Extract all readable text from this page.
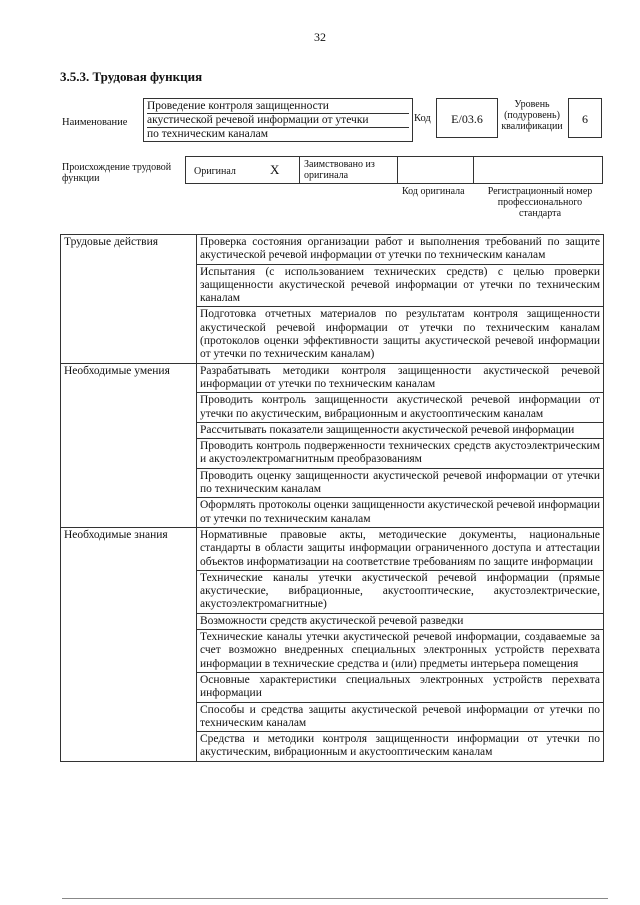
32
3.5.3. Трудовая функция
Наименование
Проведение контроля защищенности
акустической речевой информации от утечки
по техническим каналам
Код	E/03.6
Уровень (подуровень) квалификации
6
Происхождение трудовой функции
Оригинал	X Заимствовано из оригинала
Код оригинала	Регистрационный номер профессионального стандарта
Трудовые действия	Проверка состояния организации работ и выполнения требований по защите акустической речевой информации от утечки по техническим каналам
	Испытания (с использованием технических средств) с целью проверки защищенности акустической речевой информации от утечки по техническим каналам
	Подготовка отчетных материалов по результатам контроля защищенности акустической речевой информации от утечки по техническим каналам (протоколов оценки эффективности защиты акустической речевой информации от утечки по техническим каналам)
Необходимые умения	Разрабатывать методики контроля защищенности акустической речевой информации от утечки по техническим каналам
	Проводить контроль защищенности акустической речевой информации от утечки по акустическим, вибрационным и акустооптическим каналам
	Рассчитывать показатели защищенности акустической речевой информации
	Проводить контроль подверженности технических средств акустоэлектрическим и акустоэлектромагнитным преобразованиям
	Проводить оценку защищенности акустической речевой информации от утечки по техническим каналам
	Оформлять протоколы оценки защищенности акустической речевой информации от утечки по техническим каналам
Необходимые знания	Нормативные правовые акты, методические документы, национальные стандарты в области защиты информации ограниченного доступа и аттестации объектов информатизации на соответствие требованиям по защите информации
	Технические каналы утечки акустической речевой информации (прямые акустические, вибрационные, акустооптические, акустоэлектрические, акустоэлектромагнитные)
	Возможности средств акустической речевой разведки
	Технические каналы утечки акустической речевой информации, создаваемые за счет возможно внедренных специальных электронных устройств перехвата информации в технические средства и (или) предметы интерьера помещения
	Основные характеристики специальных электронных устройств перехвата информации
	Способы и средства защиты акустической речевой информации от утечки по техническим каналам
	Средства и методики контроля защищенности информации от утечки по акустическим, вибрационным и акустооптическим каналам
